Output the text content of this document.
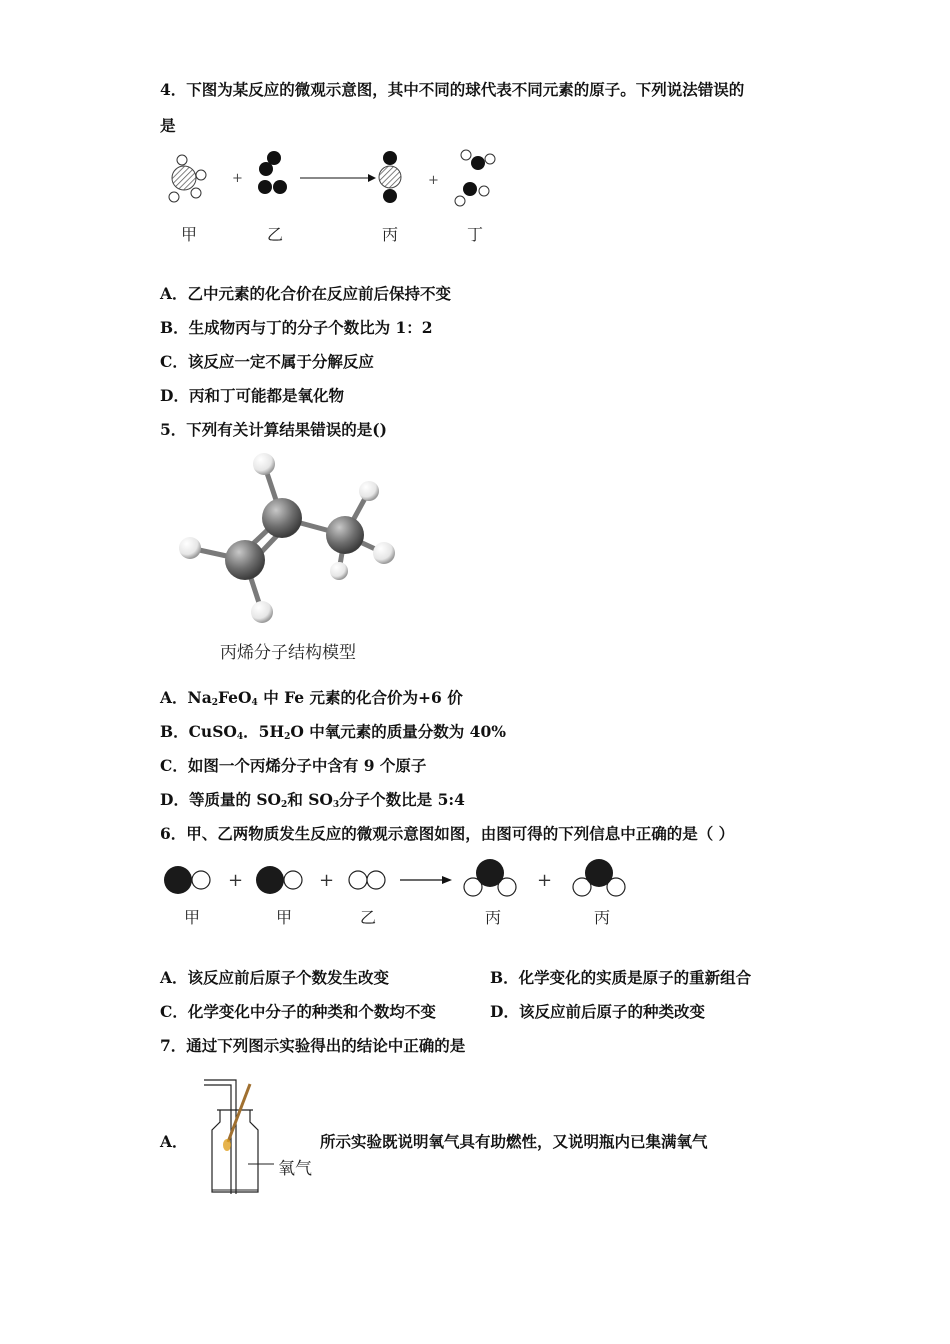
4．下图为某反应的微观示意图，其中不同的球代表不同元素的原子。下列说法错误的
是
+	+
甲	乙	丙	丁
A．乙中元素的化合价在反应前后保持不变
B．生成物丙与丁的分子个数比为 1：2
C．该反应一定不属于分解反应
D．丙和丁可能都是氧化物
5．下列有关计算结果错误的是()
丙烯分子结构模型
A．$Na_2FeO_4$ 中 Fe 元素的化合价为+6 价
B．CuSO$_4$．$5H_2O$ 中氧元素的质量分数为 40%
C．如图一个丙烯分子中含有 9 个原子
D．等质量的 $SO_2$和 $SO_3$分子个数比是 5:4
6．甲、乙两物质发生反应的微观示意图如图，由图可得的下列信息中正确的是（ ）
+	+	+
甲	甲	乙	丙	丙
A．该反应前后原子个数发生改变	B．化学变化的实质是原子的重新组合
C．化学变化中分子的种类和个数均不变	D．该反应前后原子的种类改变
7．通过下列图示实验得出的结论中正确的是
A．
氧气
所示实验既说明氧气具有助燃性，又说明瓶内已集满氧气
